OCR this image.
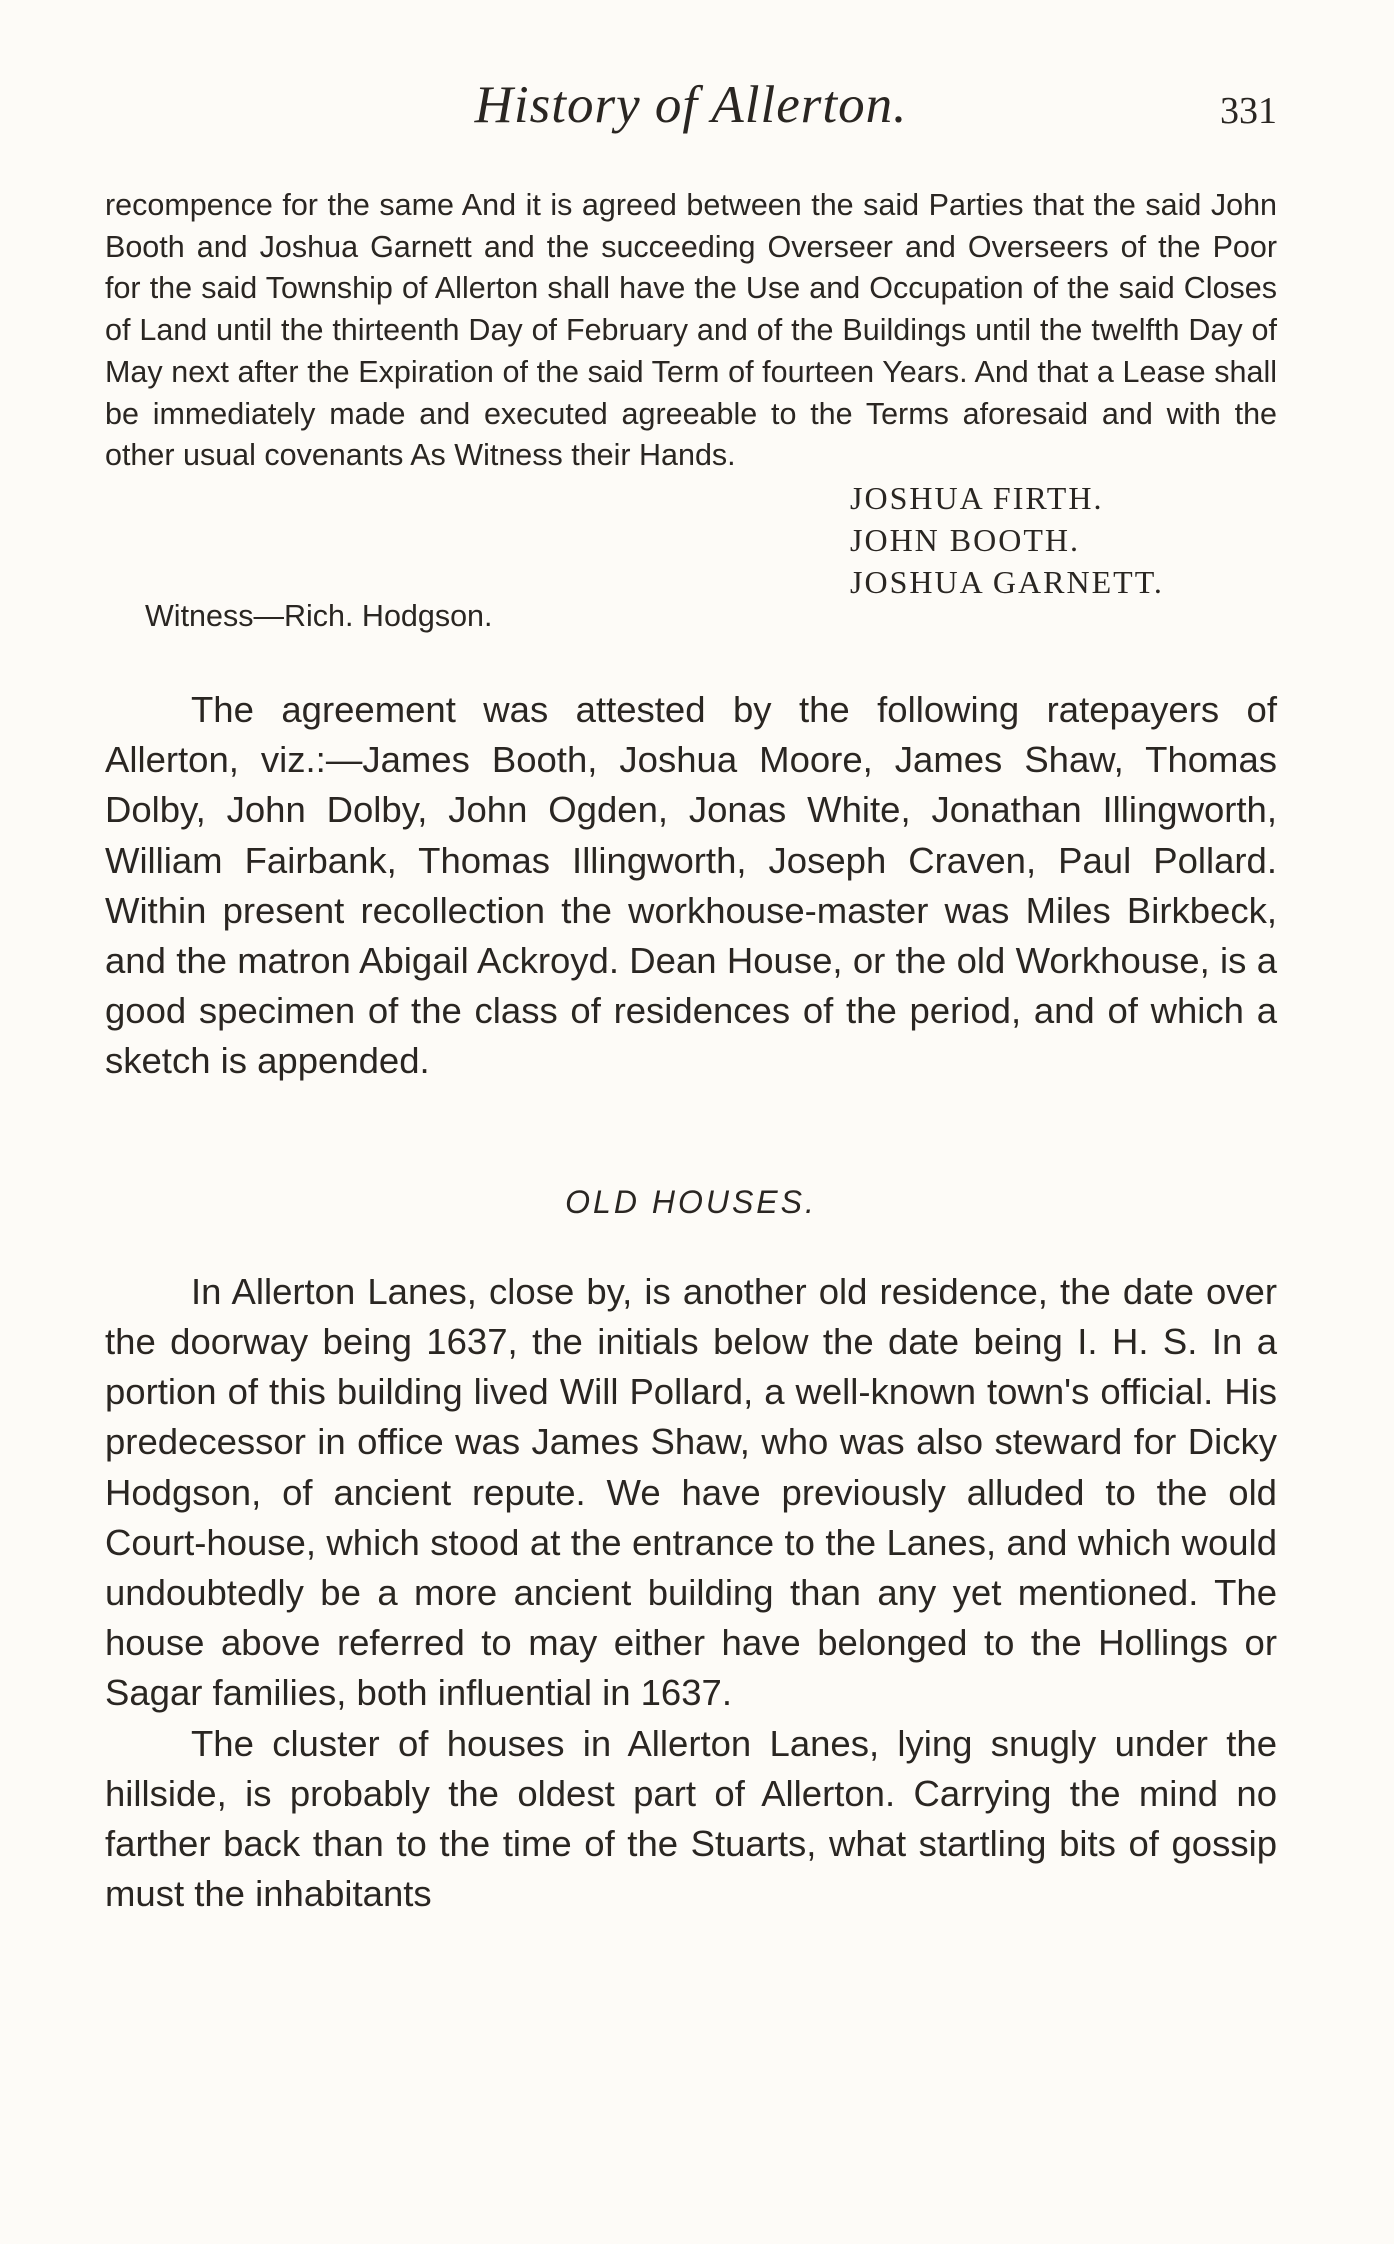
History of Allerton.	331

recompence for the same And it is agreed between the said Parties that the said John Booth and Joshua Garnett and the succeeding Overseer and Overseers of the Poor for the said Township of Allerton shall have the Use and Occupation of the said Closes of Land until the thirteenth Day of February and of the Buildings until the twelfth Day of May next after the Expiration of the said Term of fourteen Years. And that a Lease shall be immediately made and executed agreeable to the Terms aforesaid and with the other usual covenants As Witness their Hands.

JOSHUA FIRTH.
JOHN BOOTH.
JOSHUA GARNETT.
Witness—Rich. Hodgson.

The agreement was attested by the following ratepayers of Allerton, viz.:—James Booth, Joshua Moore, James Shaw, Thomas Dolby, John Dolby, John Ogden, Jonas White, Jonathan Illingworth, William Fairbank, Thomas Illingworth, Joseph Craven, Paul Pollard. Within present recollection the workhouse-master was Miles Birkbeck, and the matron Abigail Ackroyd. Dean House, or the old Workhouse, is a good specimen of the class of residences of the period, and of which a sketch is appended.

OLD HOUSES.

In Allerton Lanes, close by, is another old residence, the date over the doorway being 1637, the initials below the date being I. H. S. In a portion of this building lived Will Pollard, a well-known town's official. His predecessor in office was James Shaw, who was also steward for Dicky Hodgson, of ancient repute. We have previously alluded to the old Court-house, which stood at the entrance to the Lanes, and which would undoubtedly be a more ancient building than any yet mentioned. The house above referred to may either have belonged to the Hollings or Sagar families, both influential in 1637.

The cluster of houses in Allerton Lanes, lying snugly under the hillside, is probably the oldest part of Allerton. Carrying the mind no farther back than to the time of the Stuarts, what startling bits of gossip must the inhabitants
